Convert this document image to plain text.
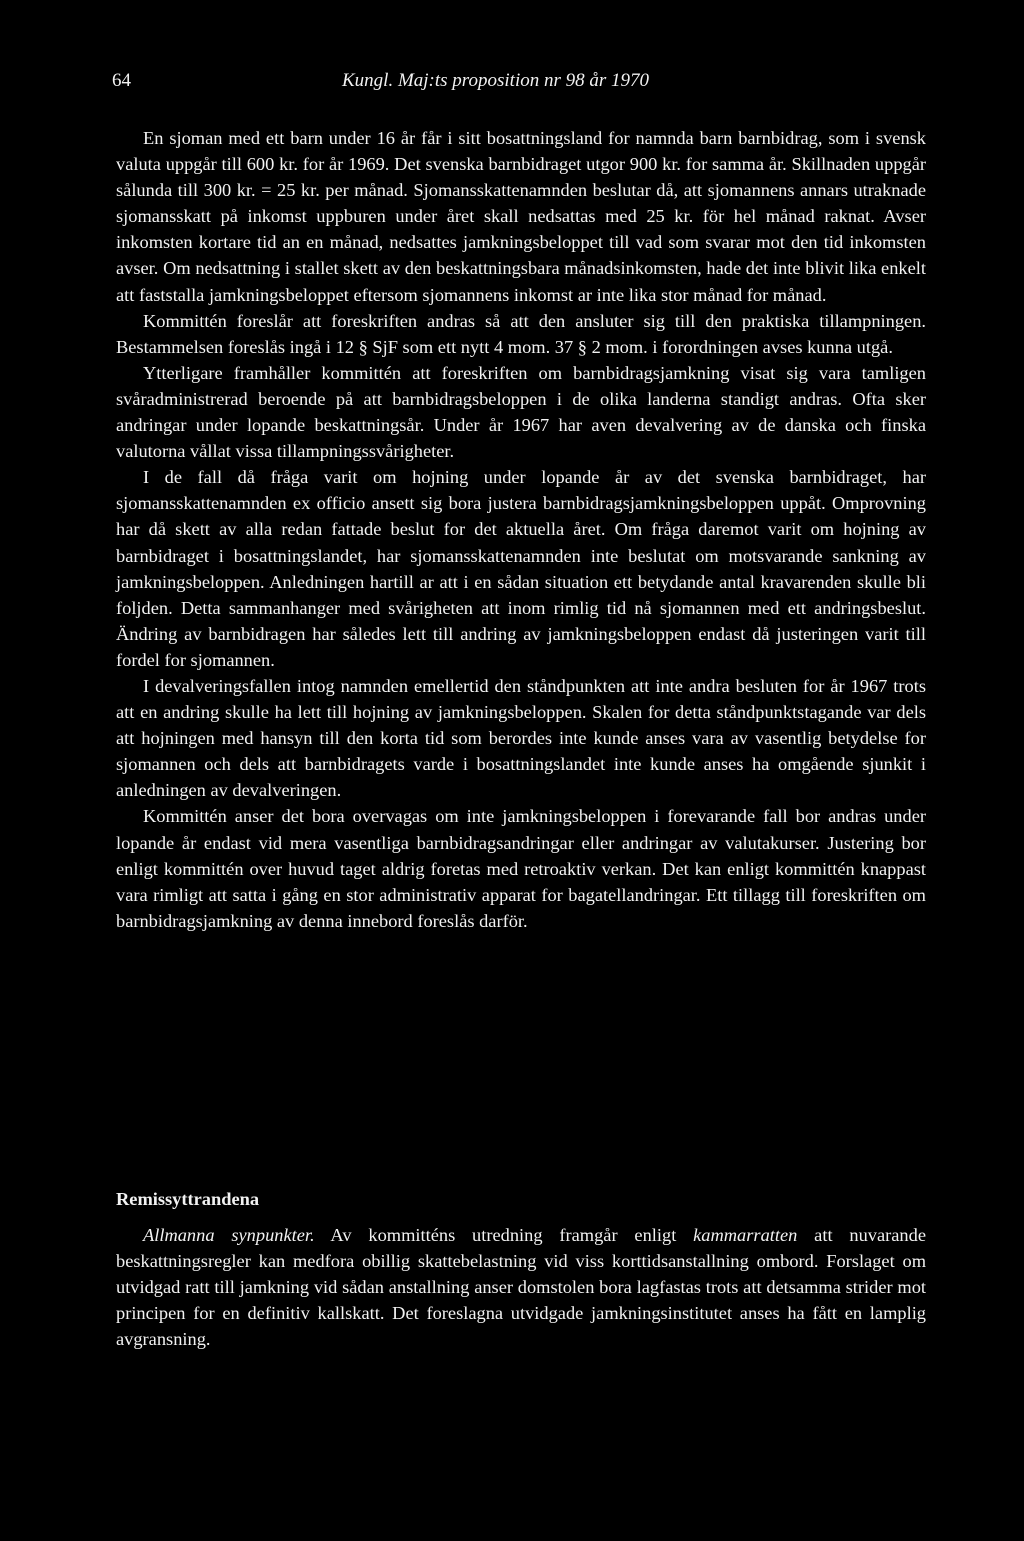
64	Kungl. Maj:ts proposition nr 98 år 1970

En sjoman med ett barn under 16 år får i sitt bosattningsland for namnda barn barnbidrag, som i svensk valuta uppgår till 600 kr. for år 1969. Det svenska barnbidraget utgor 900 kr. for samma år. Skillnaden uppgår sålunda till 300 kr. = 25 kr. per månad. Sjomansskattenamnden beslutar då, att sjomannens annars utraknade sjomansskatt på inkomst uppburen under året skall nedsattas med 25 kr. för hel månad raknat. Avser inkomsten kortare tid an en månad, nedsattes jamkningsbeloppet till vad som svarar mot den tid inkomsten avser. Om nedsattning i stallet skett av den beskattningsbara månadsinkomsten, hade det inte blivit lika enkelt att faststalla jamkningsbeloppet eftersom sjomannens inkomst ar inte lika stor månad for månad.

Kommittén foreslår att foreskriften andras så att den ansluter sig till den praktiska tillampningen. Bestammelsen foreslås ingå i 12 § SjF som ett nytt 4 mom. 37 § 2 mom. i forordningen avses kunna utgå.

Ytterligare framhåller kommittén att foreskriften om barnbidragsjamkning visat sig vara tamligen svåradministrerad beroende på att barnbidragsbeloppen i de olika landerna standigt andras. Ofta sker andringar under lopande beskattningsår. Under år 1967 har aven devalvering av de danska och finska valutorna vållat vissa tillampningssvårigheter.

I de fall då fråga varit om hojning under lopande år av det svenska barnbidraget, har sjomansskattenamnden ex officio ansett sig bora justera barnbidragsjamkningsbeloppen uppåt. Omprovning har då skett av alla redan fattade beslut for det aktuella året. Om fråga daremot varit om hojning av barnbidraget i bosattningslandet, har sjomansskattenamnden inte beslutat om motsvarande sankning av jamkningsbeloppen. Anledningen hartill ar att i en sådan situation ett betydande antal kravarenden skulle bli foljden. Detta sammanhanger med svårigheten att inom rimlig tid nå sjomannen med ett andringsbeslut. Ändring av barnbidragen har således lett till andring av jamkningsbeloppen endast då justeringen varit till fordel for sjomannen.

I devalveringsfallen intog namnden emellertid den ståndpunkten att inte andra besluten for år 1967 trots att en andring skulle ha lett till hojning av jamkningsbeloppen. Skalen for detta ståndpunktstagande var dels att hojningen med hansyn till den korta tid som berordes inte kunde anses vara av vasentlig betydelse for sjomannen och dels att barnbidragets varde i bosattningslandet inte kunde anses ha omgående sjunkit i anledningen av devalveringen.

Kommittén anser det bora overvagas om inte jamkningsbeloppen i forevarande fall bor andras under lopande år endast vid mera vasentliga barnbidragsandringar eller andringar av valutakurser. Justering bor enligt kommittén over huvud taget aldrig foretas med retroaktiv verkan. Det kan enligt kommittén knappast vara rimligt att satta i gång en stor administrativ apparat for bagatellandringar. Ett tillagg till foreskriften om barnbidragsjamkning av denna innebord foreslås darför.

Remissyttrandena

Allmanna synpunkter. Av kommitténs utredning framgår enligt kammarratten att nuvarande beskattningsregler kan medfora obillig skattebelastning vid viss korttidsanstallning ombord. Forslaget om utvidgad ratt till jamkning vid sådan anstallning anser domstolen bora lagfastas trots att detsamma strider mot principen for en definitiv kallskatt. Det foreslagna utvidgade jamkningsinstitutet anses ha fått en lamplig avgransning.
